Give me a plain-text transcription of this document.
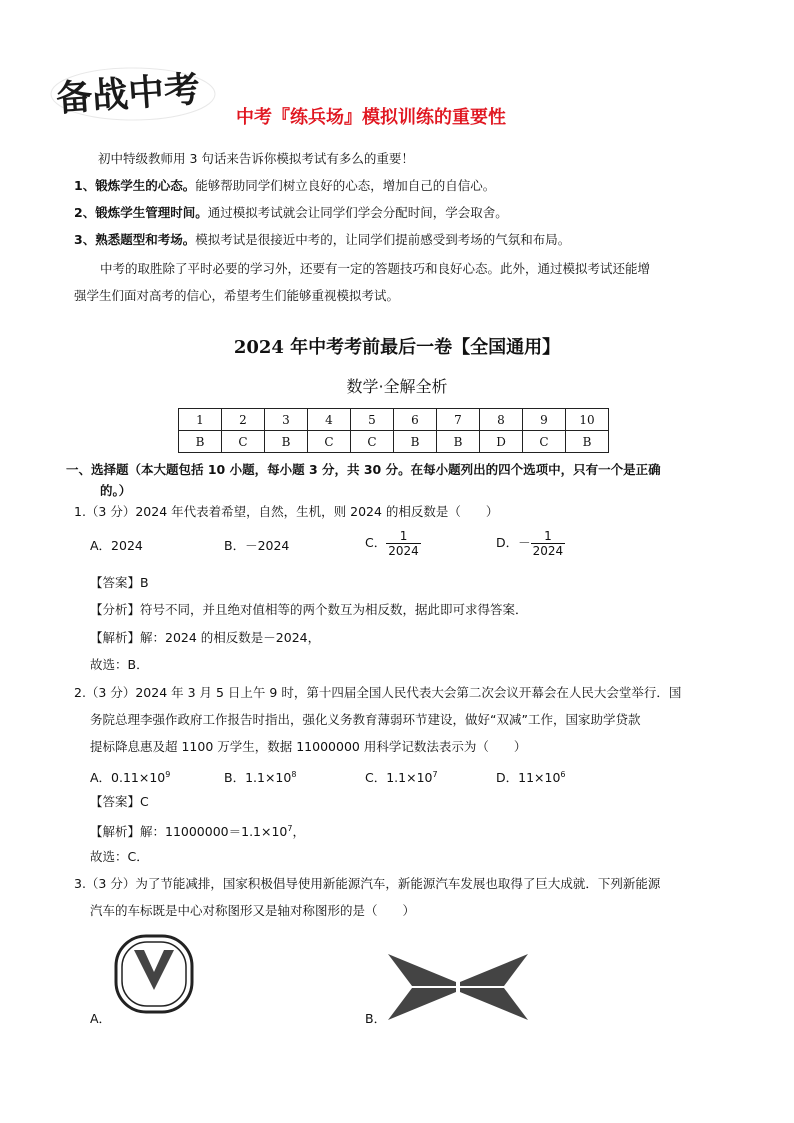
备战中考 中考『练兵场』模拟训练的重要性
初中特级教师用 3 句话来告诉你模拟考试有多么的重要！
1、锻炼学生的心态。能够帮助同学们树立良好的心态，增加自己的自信心。
2、锻炼学生管理时间。通过模拟考试就会让同学们学会分配时间，学会取舍。
3、熟悉题型和考场。模拟考试是很接近中考的，让同学们提前感受到考场的气氛和布局。
中考的取胜除了平时必要的学习外，还要有一定的答题技巧和良好心态。此外，通过模拟考试还能增
强学生们面对高考的信心，希望考生们能够重视模拟考试。
2024 年中考考前最后一卷【全国通用】
数学·全解全析
1	2	3	4	5	6	7	8	9	10
B	C	B	C	C	B	B	D	C	B
一、选择题（本大题包括 10 小题，每小题 3 分，共 30 分。在每小题列出的四个选项中，只有一个是正确
的。）
1.（3 分）2024 年代表着希望，自然，生机，则 2024 的相反数是（　　）
A．2024	B．－2024	C． $\frac{1}{2024}$	D．－ $\frac{1}{2024}$
【答案】B
【分析】符号不同，并且绝对值相等的两个数互为相反数，据此即可求得答案．
【解析】解：2024 的相反数是－2024，
故选：B．
2.（3 分）2024 年 3 月 5 日上午 9 时，第十四届全国人民代表大会第二次会议开幕会在人民大会堂举行．国
务院总理李强作政府工作报告时指出，强化义务教育薄弱环节建设，做好“双减”工作，国家助学贷款
提标降息惠及超 1100 万学生，数据 11000000 用科学记数法表示为（　　）
A．$0.11\times 10^9$	B．$1.1\times 10^8$	C．$1.1\times 10^7$	D．$11\times 10^6$
【答案】C
【解析】解：$11000000=1.1\times 10^7$，
故选：C．
3.（3 分）为了节能减排，国家积极倡导使用新能源汽车，新能源汽车发展也取得了巨大成就．下列新能源
汽车的车标既是中心对称图形又是轴对称图形的是（　　）
A．	B．
